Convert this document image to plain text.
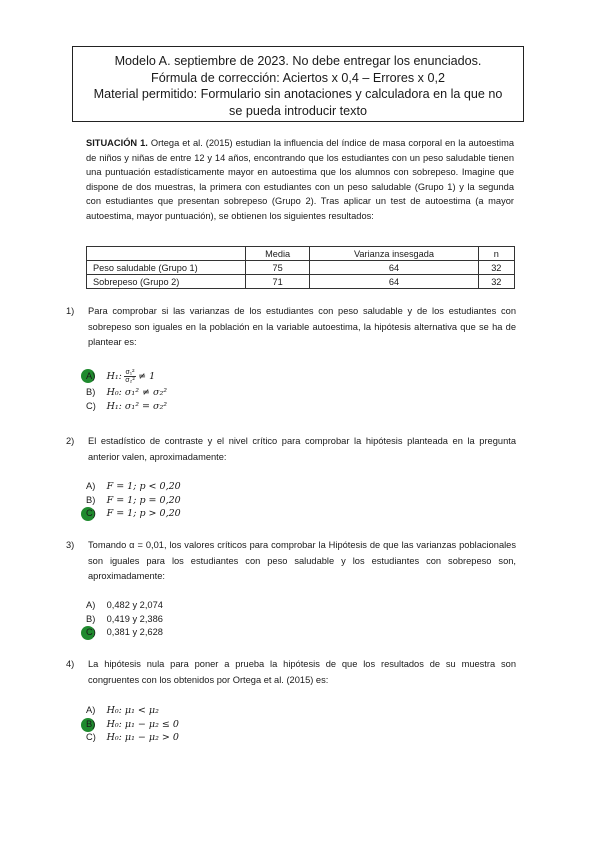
Modelo A. septiembre de 2023. No debe entregar los enunciados.
Fórmula de corrección: Aciertos x 0,4 – Errores x 0,2
Material permitido: Formulario sin anotaciones y calculadora en la que no
se pueda introducir texto
SITUACIÓN 1. Ortega et al. (2015) estudian la influencia del índice de masa corporal en la autoestima de niños y niñas de entre 12 y 14 años, encontrando que los estudiantes con un peso saludable tienen una puntuación estadísticamente mayor en autoestima que los alumnos con sobrepeso. Imagine que dispone de dos muestras, la primera con estudiantes con un peso saludable (Grupo 1) y la segunda con estudiantes que presentan sobrepeso (Grupo 2). Tras aplicar un test de autoestima (a mayor autoestima, mayor puntuación), se obtienen los siguientes resultados:
	Media	Varianza insesgada	n
Peso saludable (Grupo 1)	75	64	32
Sobrepeso (Grupo 2)	71	64	32
1) Para comprobar si las varianzas de los estudiantes con peso saludable y de los estudiantes con sobrepeso son iguales en la población en la variable autoestima, la hipótesis alternativa que se ha de plantear es:
A) H₁: $\frac{\text{σ₁²}}{\text{σ₂²}} \ne 1$
B) H₀: σ₁² ≠ σ₂²
C) H₁: σ₁² = σ₂²
2) El estadístico de contraste y el nivel crítico para comprobar la hipótesis planteada en la pregunta anterior valen, aproximadamente:
A) F = 1; p < 0,20
B) F = 1; p = 0,20
C) F = 1; p > 0,20
3) Tomando α = 0,01, los valores críticos para comprobar la Hipótesis de que las varianzas poblacionales son iguales para los estudiantes con peso saludable y los estudiantes con sobrepeso son, aproximadamente:
A) 0,482 y 2,074
B) 0,419 y 2,386
C) 0,381 y 2,628
4) La hipótesis nula para poner a prueba la hipótesis de que los resultados de su muestra son congruentes con los obtenidos por Ortega et al. (2015) es:
A) H₀: μ₁ < μ₂
B) H₀: μ₁ − μ₂ ≤ 0
C) H₀: μ₁ − μ₂ > 0
